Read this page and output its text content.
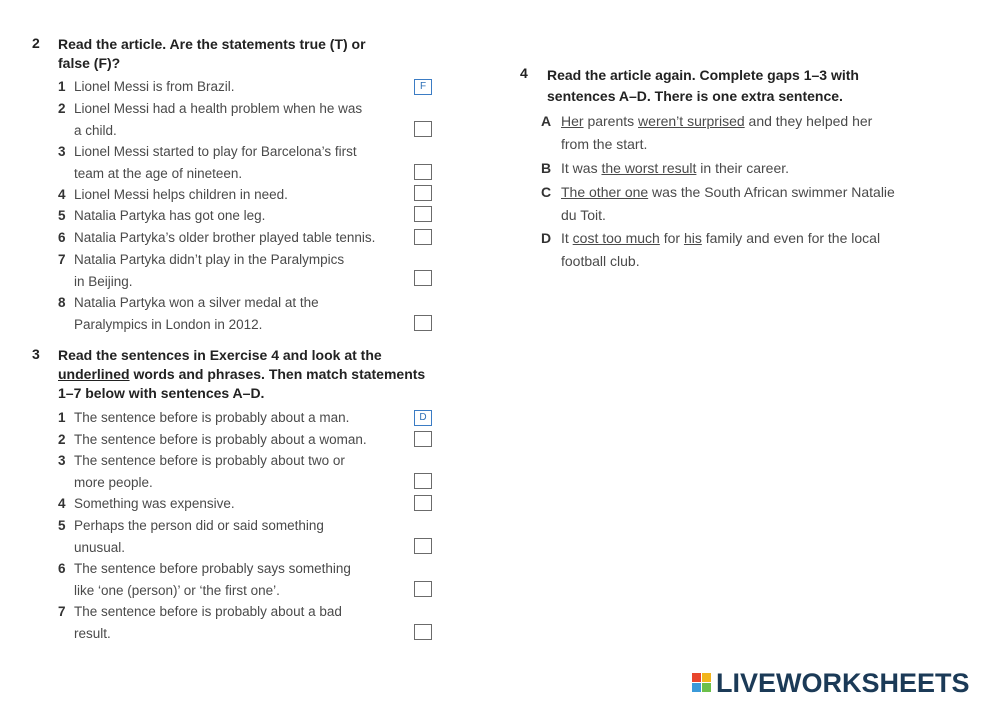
2 Read the article. Are the statements true (T) or
false (F)?
1 Lionel Messi is from Brazil.	F
2 Lionel Messi had a health problem when he was
a child.
3 Lionel Messi started to play for Barcelona’s first
team at the age of nineteen.
4 Lionel Messi helps children in need.
5 Natalia Partyka has got one leg.
6 Natalia Partyka’s older brother played table tennis.
7 Natalia Partyka didn’t play in the Paralympics
in Beijing.
8 Natalia Partyka won a silver medal at the
Paralympics in London in 2012.
3 Read the sentences in Exercise 4 and look at the
underlined words and phrases. Then match statements
1–7 below with sentences A–D.
1 The sentence before is probably about a man.	D
2 The sentence before is probably about a woman.
3 The sentence before is probably about two or
more people.
4 Something was expensive.
5 Perhaps the person did or said something
unusual.
6 The sentence before probably says something
like ‘one (person)’ or ‘the first one’.
7 The sentence before is probably about a bad
result.
4 Read the article again. Complete gaps 1–3 with
sentences A–D. There is one extra sentence.
A Her parents weren’t surprised and they helped her
from the start.
B It was the worst result in their career.
C The other one was the South African swimmer Natalie
du Toit.
D It cost too much for his family and even for the local
football club.
LIVEWORKSHEETS
